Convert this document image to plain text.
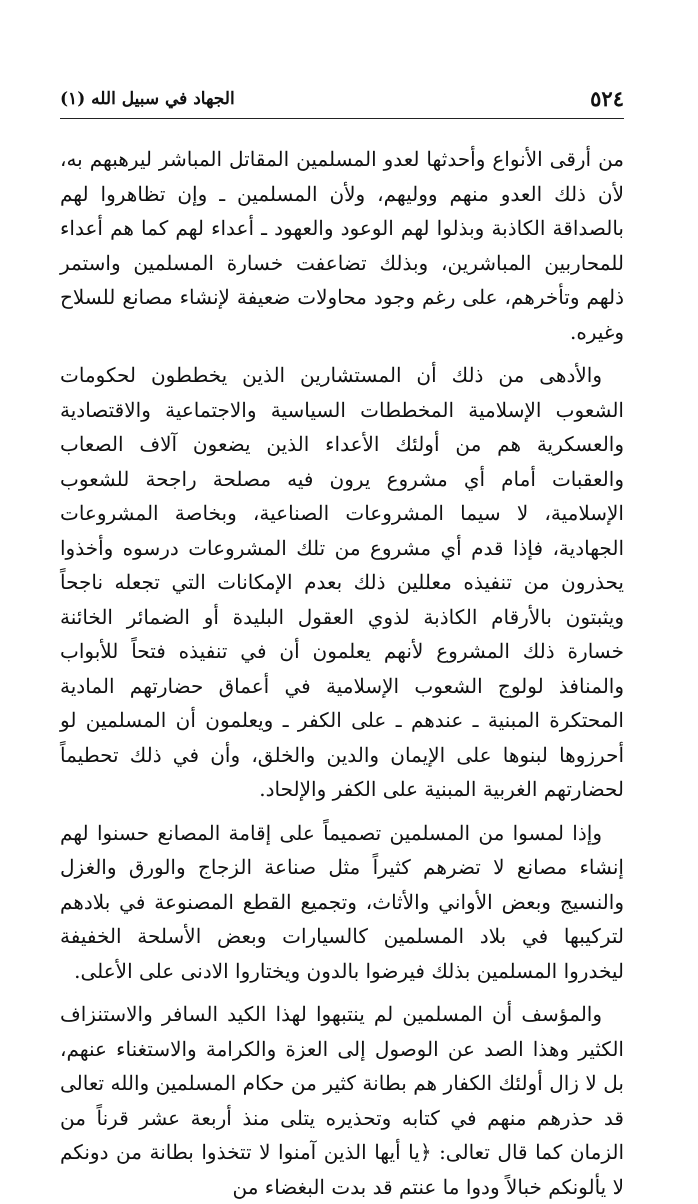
٥٢٤
الجهاد في سبيل الله (١)

من أرقى الأنواع وأحدثها لعدو المسلمين المقاتل المباشر ليرهبهم به، لأن ذلك العدو منهم ووليهم، ولأن المسلمين ـ وإن تظاهروا لهم بالصداقة الكاذبة وبذلوا لهم الوعود والعهود ـ أعداء لهم كما هم أعداء للمحاربين المباشرين، وبذلك تضاعفت خسارة المسلمين واستمر ذلهم وتأخرهم، على رغم وجود محاولات ضعيفة لإنشاء مصانع للسلاح وغيره.

والأدهى من ذلك أن المستشارين الذين يخططون لحكومات الشعوب الإسلامية المخططات السياسية والاجتماعية والاقتصادية والعسكرية هم من أولئك الأعداء الذين يضعون آلاف الصعاب والعقبات أمام أي مشروع يرون فيه مصلحة راجحة للشعوب الإسلامية، لا سيما المشروعات الصناعية، وبخاصة المشروعات الجهادية، فإذا قدم أي مشروع من تلك المشروعات درسوه وأخذوا يحذرون من تنفيذه معللين ذلك بعدم الإمكانات التي تجعله ناجحاً ويثبتون بالأرقام الكاذبة لذوي العقول البليدة أو الضمائر الخائنة خسارة ذلك المشروع لأنهم يعلمون أن في تنفيذه فتحاً للأبواب والمنافذ لولوج الشعوب الإسلامية في أعماق حضارتهم المادية المحتكرة المبنية ـ عندهم ـ على الكفر ـ ويعلمون أن المسلمين لو أحرزوها لبنوها على الإيمان والدين والخلق، وأن في ذلك تحطيماً لحضارتهم الغربية المبنية على الكفر والإلحاد.

وإذا لمسوا من المسلمين تصميماً على إقامة المصانع حسنوا لهم إنشاء مصانع لا تضرهم كثيراً مثل صناعة الزجاج والورق والغزل والنسيج وبعض الأواني والأثاث، وتجميع القطع المصنوعة في بلادهم لتركيبها في بلاد المسلمين كالسيارات وبعض الأسلحة الخفيفة ليخدروا المسلمين بذلك فيرضوا بالدون ويختاروا الادنى على الأعلى.

والمؤسف أن المسلمين لم ينتبهوا لهذا الكيد السافر والاستنزاف الكثير وهذا الصد عن الوصول إلى العزة والكرامة والاستغناء عنهم، بل لا زال أولئك الكفار هم بطانة كثير من حكام المسلمين والله تعالى قد حذرهم منهم في كتابه وتحذيره يتلى منذ أربعة عشر قرناً من الزمان كما قال تعالى: ﴿يا أيها الذين آمنوا لا تتخذوا بطانة من دونكم لا يألونكم خبالاً ودوا ما عنتم قد بدت البغضاء من
